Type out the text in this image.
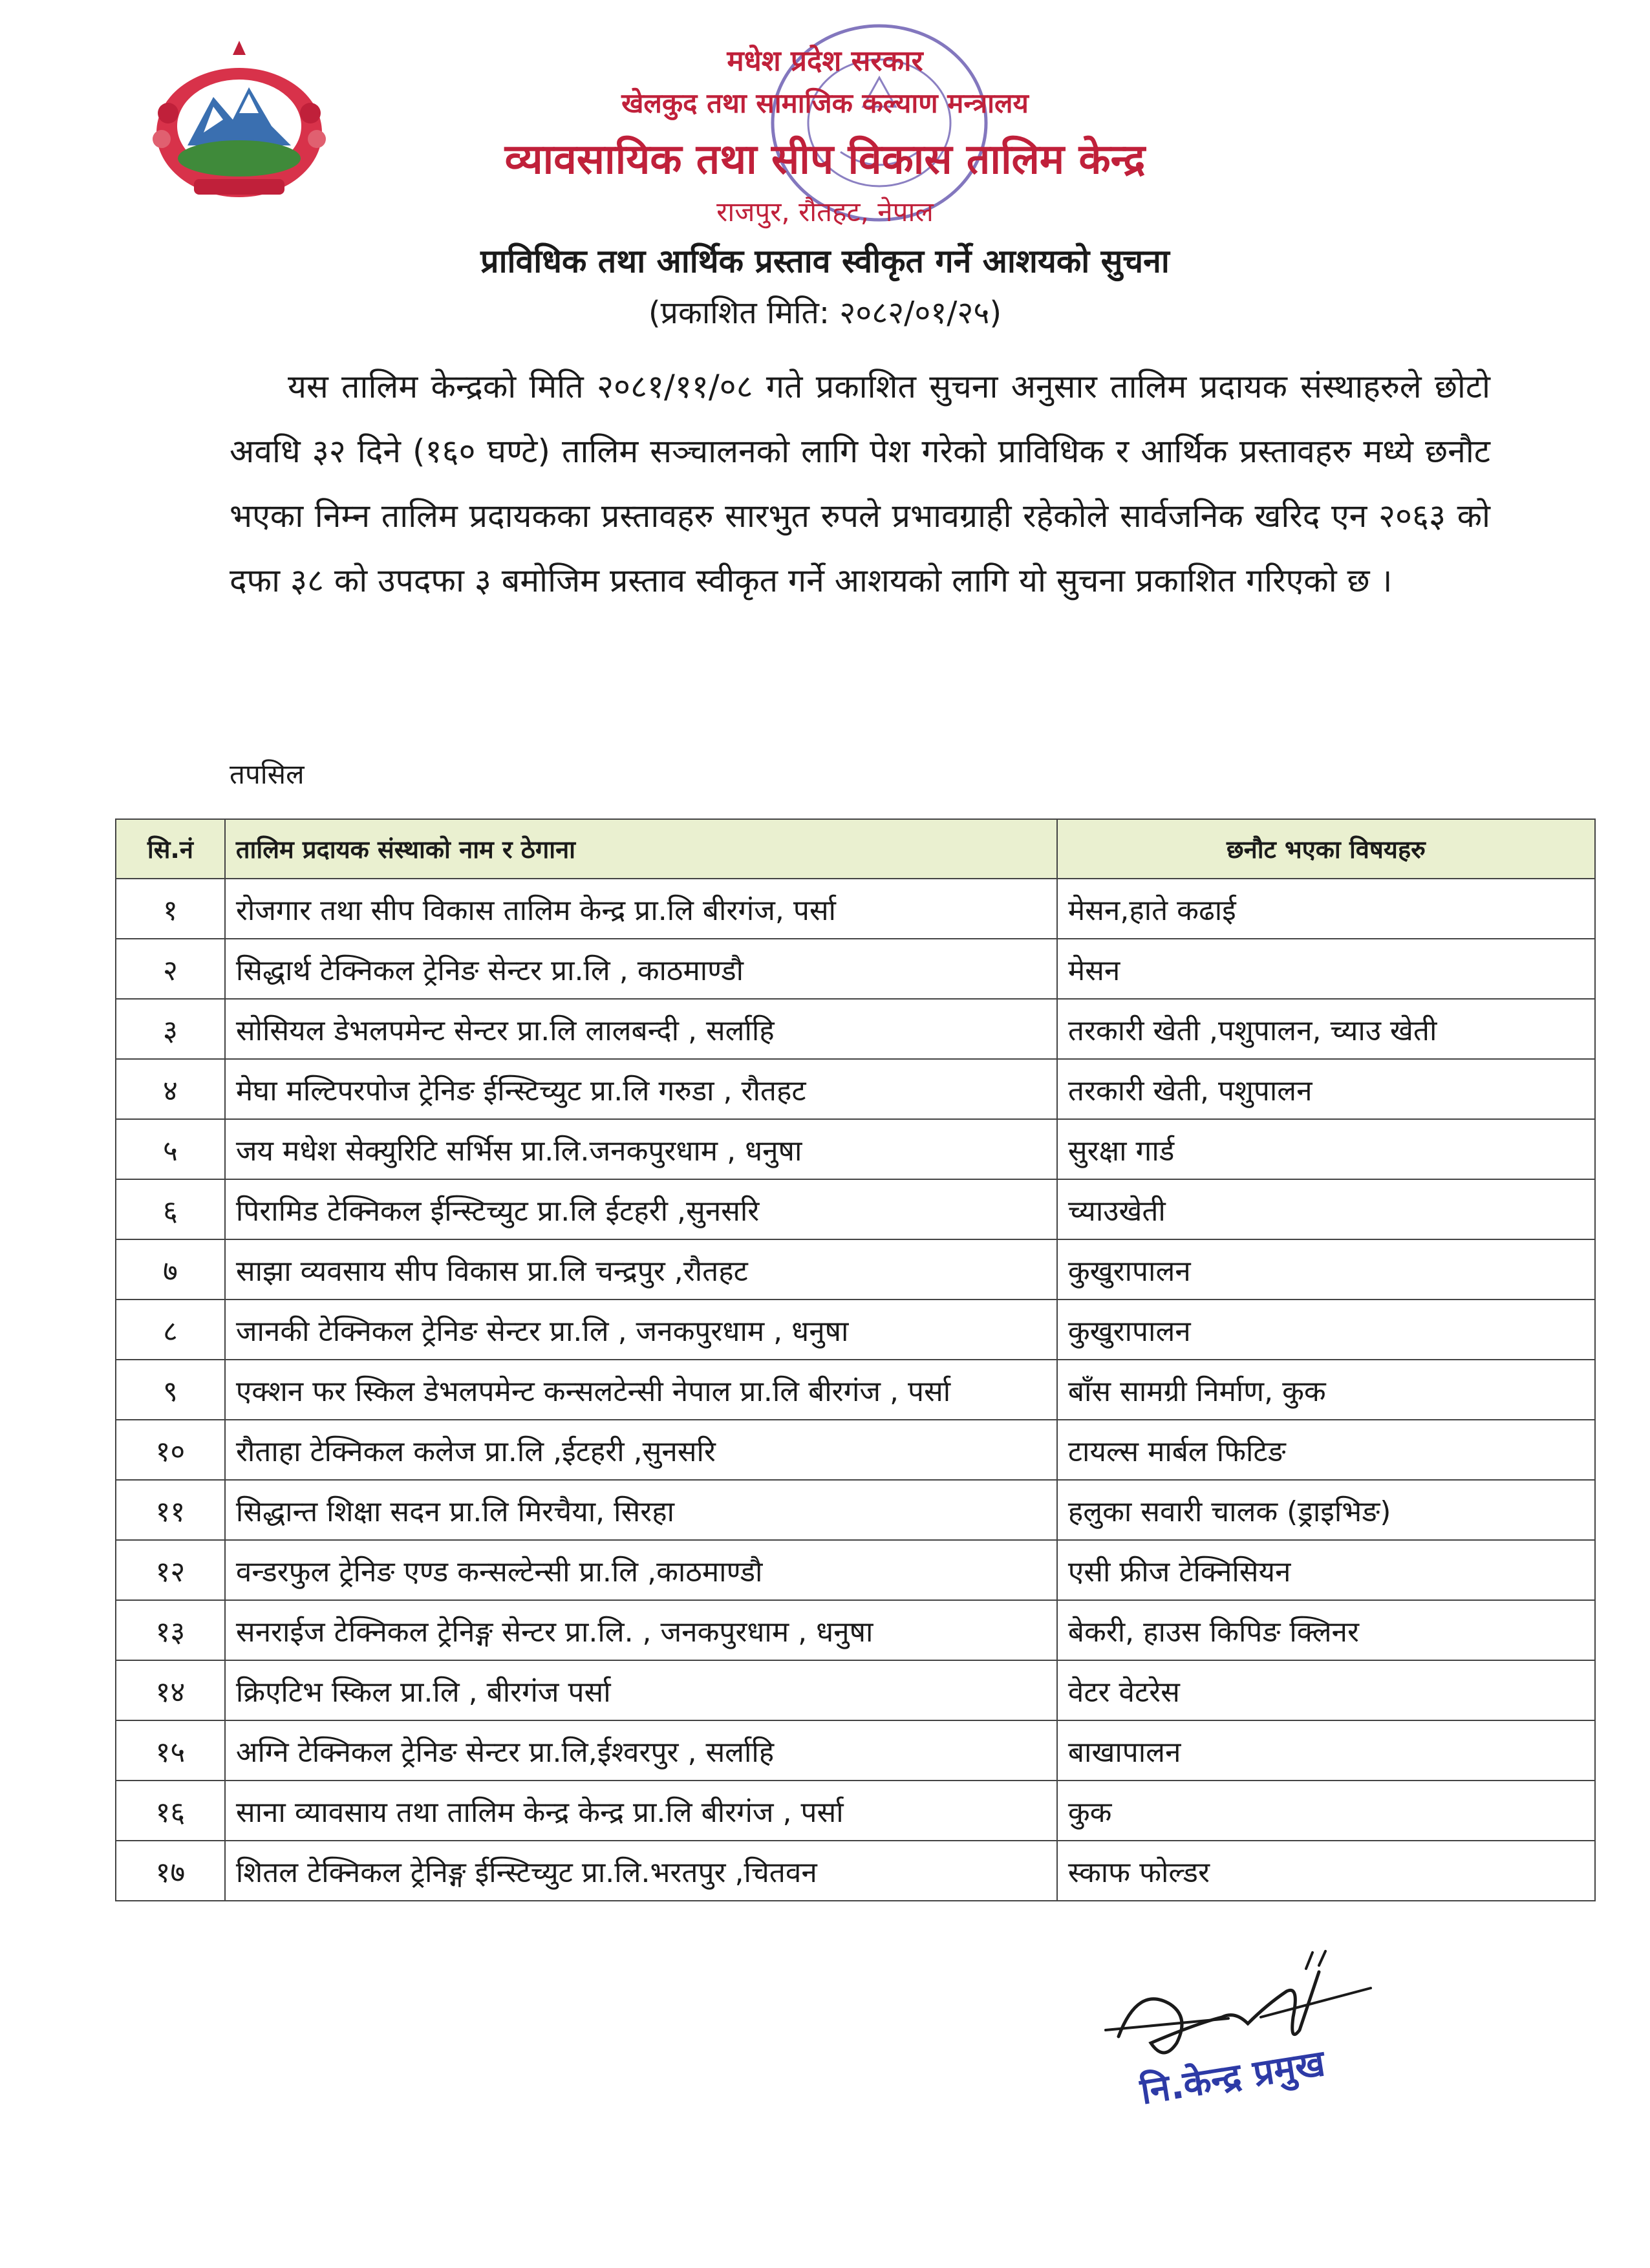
मधेश प्रदेश सरकार
खेलकुद तथा सामाजिक कल्याण मन्त्रालय
व्यावसायिक तथा सीप विकास तालिम केन्द्र
राजपुर, रौतहट, नेपाल
प्राविधिक तथा आर्थिक प्रस्ताव स्वीकृत गर्ने आशयको सुचना
(प्रकाशित मिति: २०८२/०१/२५)
यस तालिम केन्द्रको मिति २०८१/११/०८ गते प्रकाशित सुचना अनुसार तालिम प्रदायक संस्थाहरुले छोटो अवधि ३२ दिने (१६० घण्टे) तालिम सञ्चालनको लागि पेश गरेको प्राविधिक र आर्थिक प्रस्तावहरु मध्ये छनौट भएका निम्न तालिम प्रदायकका प्रस्तावहरु सारभुत रुपले प्रभावग्राही रहेकोले सार्वजनिक खरिद एन २०६३ को दफा ३८ को उपदफा ३ बमोजिम प्रस्ताव स्वीकृत गर्ने आशयको लागि यो सुचना प्रकाशित गरिएको छ ।
तपसिल
सि.नं	तालिम प्रदायक संस्थाको नाम र ठेगाना	छनौट भएका विषयहरु
१	रोजगार तथा सीप विकास तालिम केन्द्र प्रा.लि बीरगंज, पर्सा	मेसन,हाते कढाई
२	सिद्धार्थ टेक्निकल ट्रेनिङ सेन्टर प्रा.लि , काठमाण्डौ	मेसन
३	सोसियल डेभलपमेन्ट सेन्टर प्रा.लि लालबन्दी , सर्लाहि	तरकारी खेती ,पशुपालन, च्याउ खेती
४	मेघा मल्टिपरपोज ट्रेनिङ ईन्स्टिच्युट प्रा.लि गरुडा , रौतहट	तरकारी खेती, पशुपालन
५	जय मधेश सेक्युरिटि सर्भिस प्रा.लि.जनकपुरधाम , धनुषा	सुरक्षा गार्ड
६	पिरामिड टेक्निकल ईन्स्टिच्युट प्रा.लि ईटहरी ,सुनसरि	च्याउखेती
७	साझा व्यवसाय सीप विकास प्रा.लि चन्द्रपुर ,रौतहट	कुखुरापालन
८	जानकी टेक्निकल ट्रेनिङ सेन्टर प्रा.लि , जनकपुरधाम , धनुषा	कुखुरापालन
९	एक्शन फर स्किल डेभलपमेन्ट कन्सलटेन्सी नेपाल प्रा.लि बीरगंज , पर्सा	बाँस सामग्री निर्माण, कुक
१०	रौताहा टेक्निकल कलेज प्रा.लि ,ईटहरी ,सुनसरि	टायल्स मार्बल फिटिङ
११	सिद्धान्त शिक्षा सदन प्रा.लि मिरचैया, सिरहा	हलुका सवारी चालक (ड्राइभिङ)
१२	वन्डरफुल ट्रेनिङ एण्ड कन्सल्टेन्सी प्रा.लि ,काठमाण्डौ	एसी फ्रीज टेक्निसियन
१३	सनराईज टेक्निकल ट्रेनिङ्ग सेन्टर प्रा.लि. , जनकपुरधाम , धनुषा	बेकरी, हाउस किपिङ क्लिनर
१४	क्रिएटिभ स्किल प्रा.लि , बीरगंज पर्सा	वेटर वेटरेस
१५	अग्नि टेक्निकल ट्रेनिङ सेन्टर प्रा.लि,ईश्वरपुर , सर्लाहि	बाखापालन
१६	साना व्यावसाय तथा तालिम केन्द्र केन्द्र प्रा.लि बीरगंज , पर्सा	कुक
१७	शितल टेक्निकल ट्रेनिङ्ग ईन्स्टिच्युट प्रा.लि.भरतपुर ,चितवन	स्काफ फोल्डर
नि.केन्द्र प्रमुख
